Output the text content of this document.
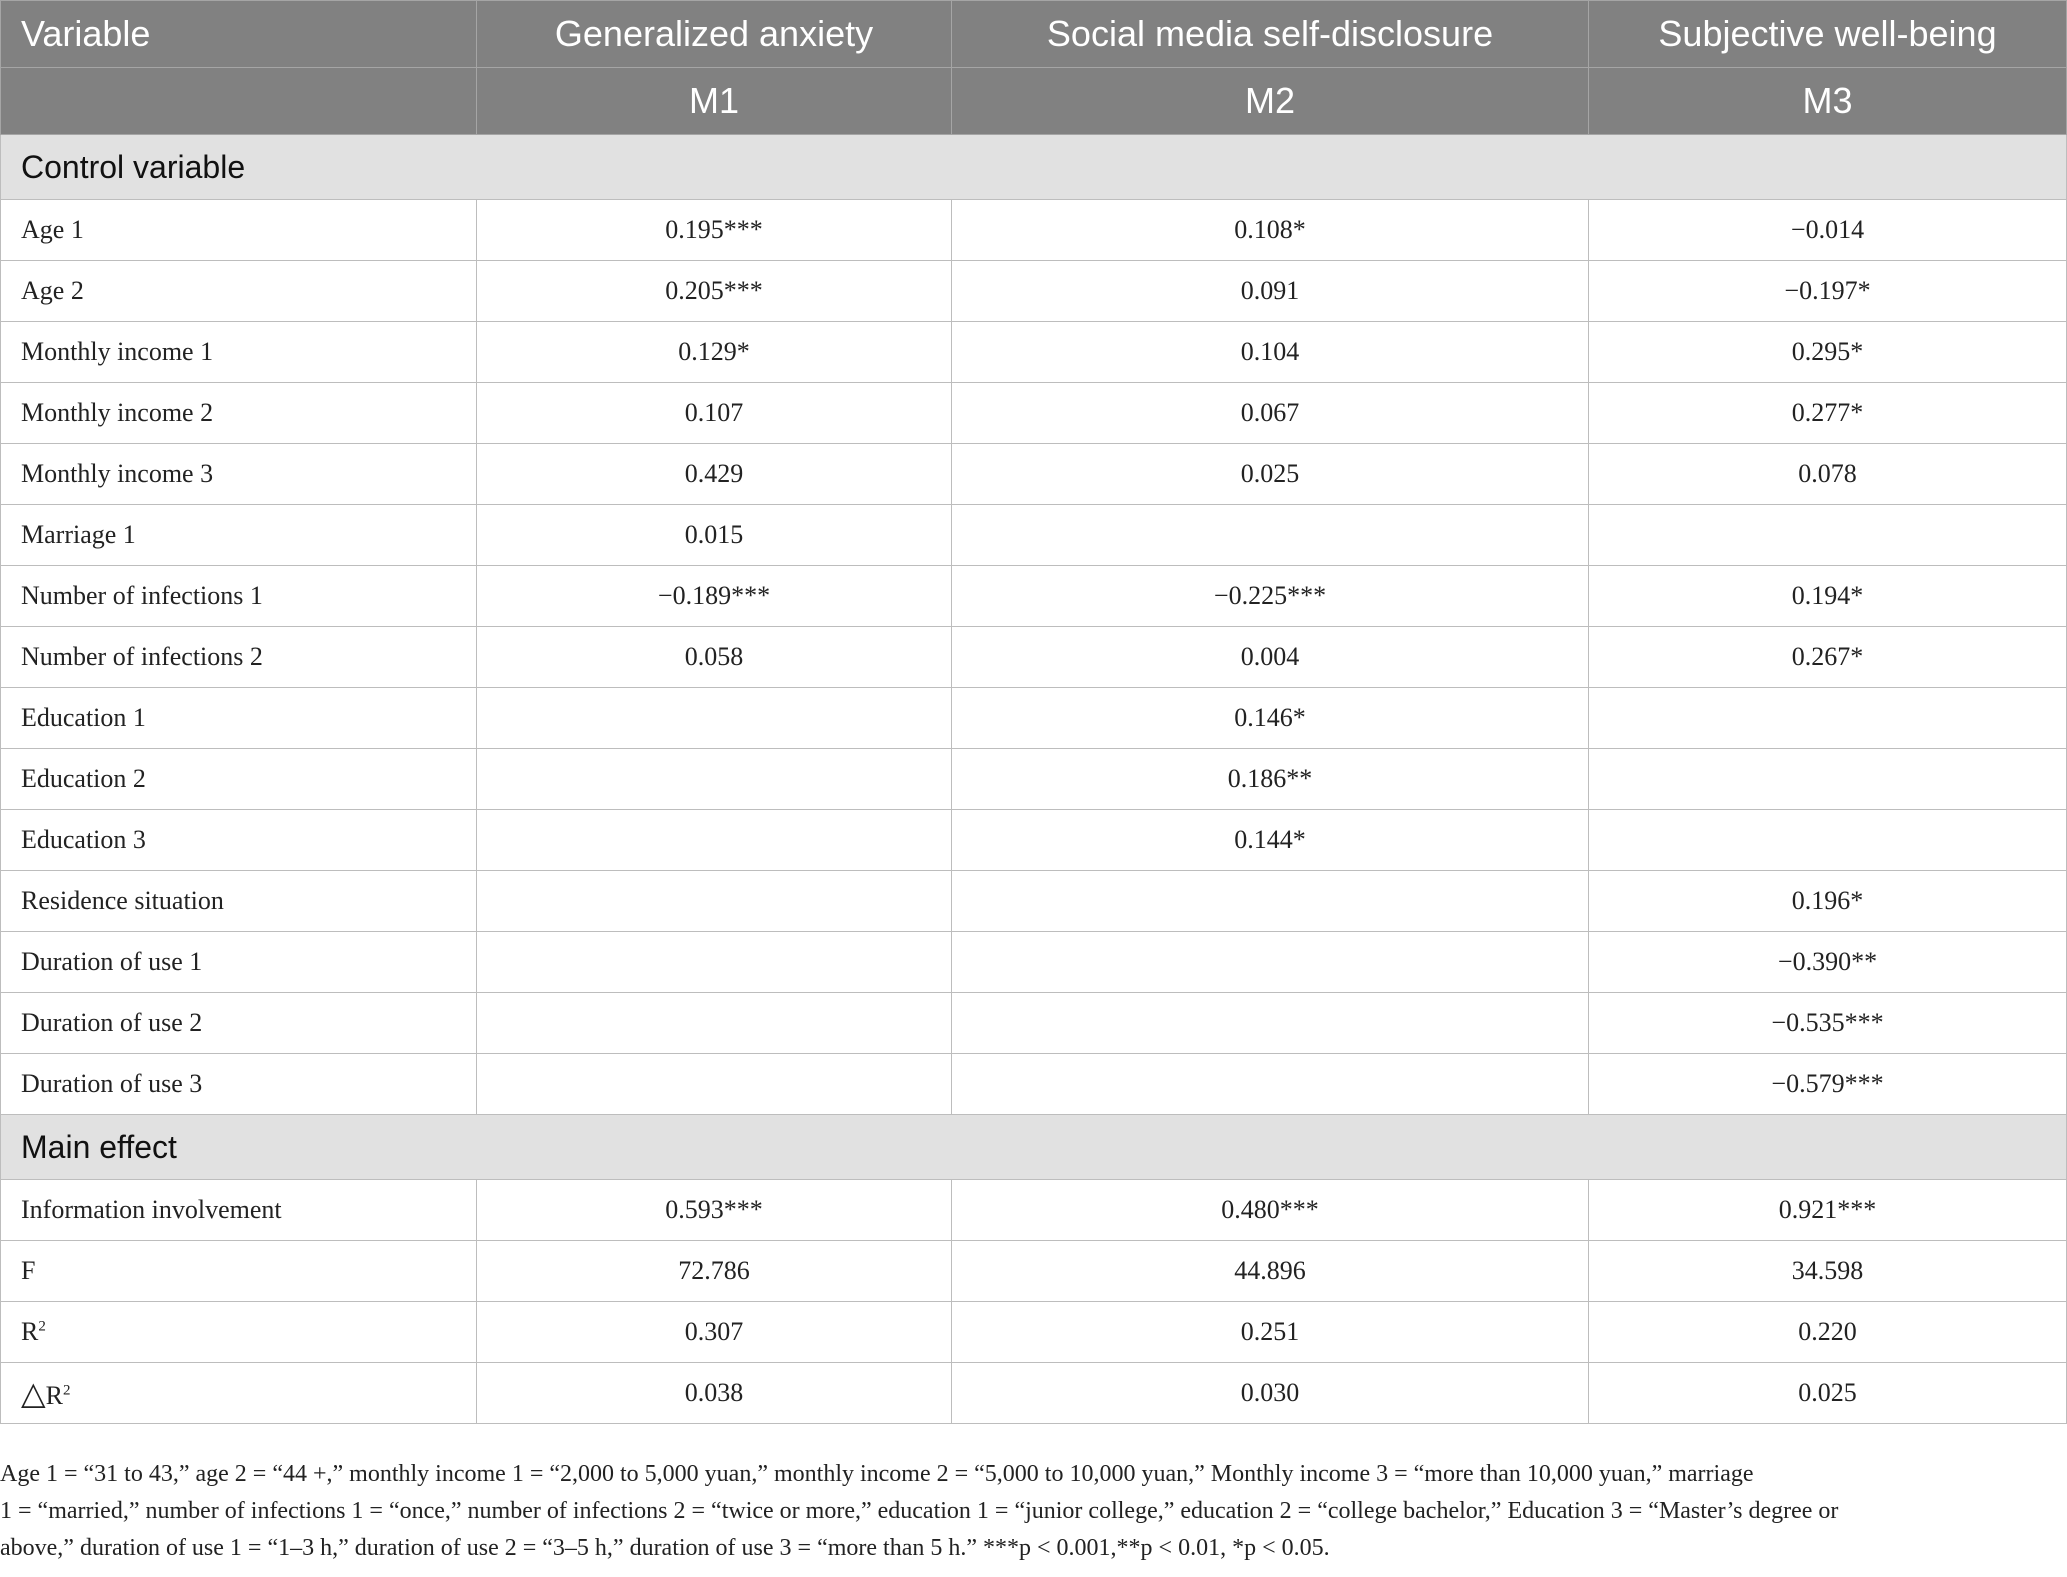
Variable	Generalized anxiety	Social media self-disclosure	Subjective well-being
	M1	M2	M3
Control variable			
Age 1	0.195***	0.108*	−0.014
Age 2	0.205***	0.091	−0.197*
Monthly income 1	0.129*	0.104	0.295*
Monthly income 2	0.107	0.067	0.277*
Monthly income 3	0.429	0.025	0.078
Marriage 1	0.015		
Number of infections 1	−0.189***	−0.225***	0.194*
Number of infections 2	0.058	0.004	0.267*
Education 1		0.146*	
Education 2		0.186**	
Education 3		0.144*	
Residence situation			0.196*
Duration of use 1			−0.390**
Duration of use 2			−0.535***
Duration of use 3			−0.579***
Main effect			
Information involvement	0.593***	0.480***	0.921***
F	72.786	44.896	34.598
$R^2$	0.307	0.251	0.220
$\triangle R^2$	0.038	0.030	0.025
Age 1 = “31 to 43,” age 2 = “44 +,” monthly income 1 = “2,000 to 5,000 yuan,” monthly income 2 = “5,000 to 10,000 yuan,” Monthly income 3 = “more than 10,000 yuan,” marriage
1 = “married,” number of infections 1 = “once,” number of infections 2 = “twice or more,” education 1 = “junior college,” education 2 = “college bachelor,” Education 3 = “Master’s degree or
above,” duration of use 1 = “1–3 h,” duration of use 2 = “3–5 h,” duration of use 3 = “more than 5 h.” ***p < 0.001,**p < 0.01, *p < 0.05.
